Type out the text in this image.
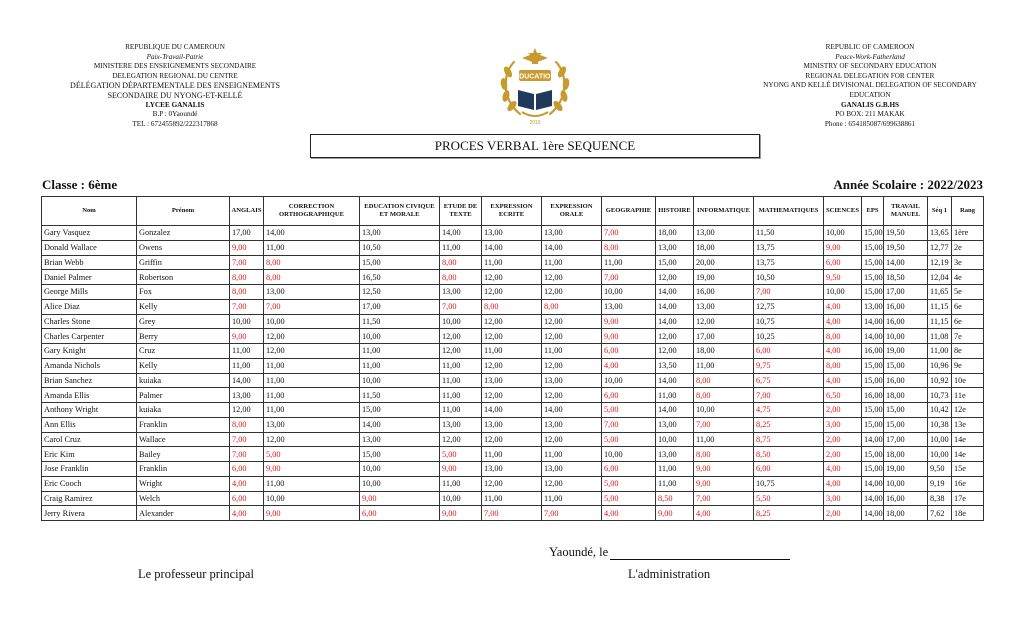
REPUBLIQUE DU CAMEROUN
Paix-Travail-Patrie
MINISTERE DES ENSEIGNEMENTS SECONDAIRE
DELEGATION REGIONAL DU CENTRE
DÉLÉGATION DÉPARTEMENTALE DES ENSEIGNEMENTS
SECONDAIRE DU NYONG-ET-KELLÉ
LYCEE GANALIS
B.P : 0Yaoundé
TEL : 672455892/222317868
EDUCATION
2019
REPUBLIC OF CAMEROON
Peace-Work-Fatherland
MINISTRY OF SECONDARY EDUCATION
REGIONAL DELEGATION FOR CENTER
NYONG AND KELLÉ DIVISIONAL DELEGATION OF SECONDARY
EDUCATION
GANALIS G.B.HS
PO BOX: 211 MAKAK
Phone : 654185087/699638861
PROCES VERBAL 1ère SEQUENCE
Classe : 6ème	Année Scolaire : 2022/2023
Nom	Prénom	ANGLAIS	CORRECTION ORTHOGRAPHIQUE	EDUCATION CIVIQUE ET MORALE	ETUDE DE TEXTE	EXPRESSION ECRITE	EXPRESSION ORALE	GEOGRAPHIE	HISTOIRE	INFORMATIQUE	MATHEMATIQUES	SCIENCES	EPS	TRAVAIL MANUEL	Séq 1	Rang
Gary Vasquez	Gonzalez	17,00	14,00	13,00	14,00	13,00	13,00	7,00	18,00	13,00	11,50	10,00	15,00	19,50	13,65	1ère
Donald Wallace	Owens	9,00	11,00	10,50	11,00	14,00	14,00	8,00	13,00	18,00	13,75	9,00	15,00	19,50	12,77	2e
Brian Webb	Griffin	7,00	8,00	15,00	8,00	11,00	11,00	11,00	15,00	20,00	13,75	6,00	15,00	14,00	12,19	3e
Daniel Palmer	Robertson	8,00	8,00	16,50	8,00	12,00	12,00	7,00	12,00	19,00	10,50	9,50	15,00	18,50	12,04	4e
George Mills	Fox	8,00	13,00	12,50	13,00	12,00	12,00	10,00	14,00	16,00	7,00	10,00	15,00	17,00	11,65	5e
Alice Diaz	Kelly	7,00	7,00	17,00	7,00	8,00	8,00	13,00	14,00	13,00	12,75	4,00	13,00	16,00	11,15	6e
Charles Stone	Grey	10,00	10,00	11,50	10,00	12,00	12,00	9,00	14,00	12,00	10,75	4,00	14,00	16,00	11,15	6e
Charles Carpenter	Berry	9,00	12,00	10,00	12,00	12,00	12,00	9,00	12,00	17,00	10,25	8,00	14,00	10,00	11,08	7e
Gary Knight	Cruz	11,00	12,00	11,00	12,00	11,00	11,00	6,00	12,00	18,00	6,00	4,00	16,00	19,00	11,00	8e
Amanda Nichols	Kelly	11,00	11,00	11,00	11,00	12,00	12,00	4,00	13,50	11,00	9,75	8,00	15,00	15,00	10,96	9e
Brian Sanchez	kuiaka	14,00	11,00	10,00	11,00	13,00	13,00	10,00	14,00	8,00	6,75	4,00	15,00	16,00	10,92	10e
Amanda Ellis	Palmer	13,00	11,00	11,50	11,00	12,00	12,00	6,00	11,00	8,00	7,00	6,50	16,00	18,00	10,73	11e
Anthony Wright	kuiaka	12,00	11,00	15,00	11,00	14,00	14,00	5,00	14,00	10,00	4,75	2,00	15,00	15,00	10,42	12e
Ann Ellis	Franklin	8,00	13,00	14,00	13,00	13,00	13,00	7,00	13,00	7,00	8,25	3,00	15,00	15,00	10,38	13e
Carol Cruz	Wallace	7,00	12,00	13,00	12,00	12,00	12,00	5,00	10,00	11,00	8,75	2,00	14,00	17,00	10,00	14e
Eric Kim	Bailey	7,00	5,00	15,00	5,00	11,00	11,00	10,00	13,00	8,00	8,50	2,00	15,00	18,00	10,00	14e
Jose Franklin	Franklin	6,00	9,00	10,00	9,00	13,00	13,00	6,00	11,00	9,00	6,00	4,00	15,00	19,00	9,50	15e
Eric Cooch	Wright	4,00	11,00	10,00	11,00	12,00	12,00	5,00	11,00	9,00	10,75	4,00	14,00	10,00	9,19	16e
Craig Ramirez	Welch	6,00	10,00	9,00	10,00	11,00	11,00	5,00	8,50	7,00	5,50	3,00	14,00	16,00	8,38	17e
Jerry Rivera	Alexander	4,00	9,00	6,00	9,00	7,00	7,00	4,00	9,00	4,00	8,25	2,00	14,00	18,00	7,62	18e
Yaoundé, le
Le professeur principal	L'administration
